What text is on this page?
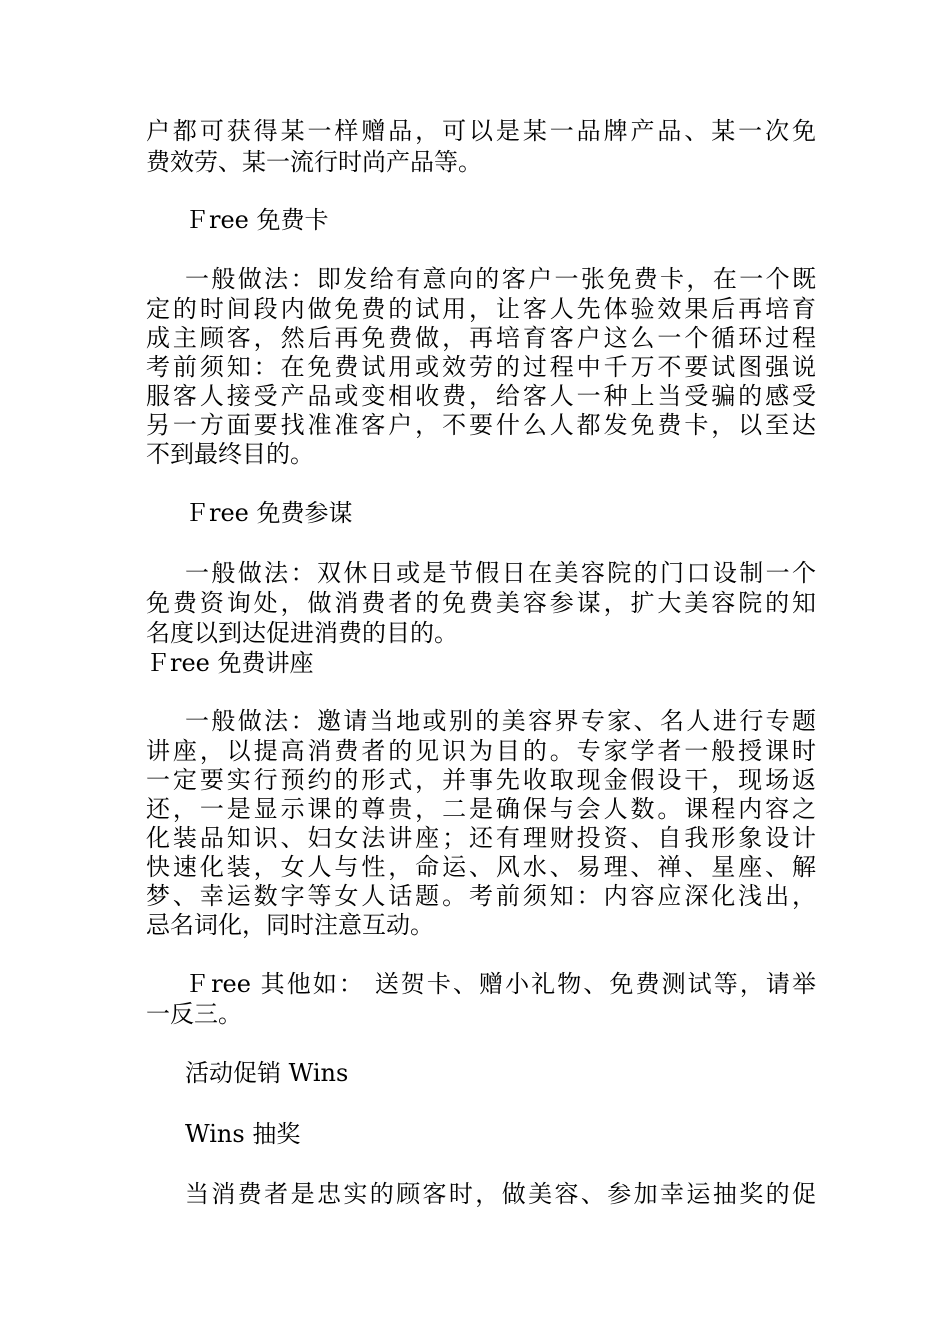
户都可获得某一样赠品，可以是某一品牌产品、某一次免

费效劳、某一流行时尚产品等。

Ｆree 免费卡

一般做法：即发给有意向的客户一张免费卡，在一个既

定的时间段内做免费的试用，让客人先体验效果后再培育

成主顾客，然后再免费做，再培育客户这么一个循环过程

考前须知：在免费试用或效劳的过程中千万不要试图强说

服客人接受产品或变相收费，给客人一种上当受骗的感受

另一方面要找准准客户，不要什么人都发免费卡，以至达

不到最终目的。

Ｆree 免费参谋

一般做法：双休日或是节假日在美容院的门口设制一个

免费资询处，做消费者的免费美容参谋，扩大美容院的知

名度以到达促进消费的目的。

Ｆree 免费讲座

一般做法：邀请当地或别的美容界专家、名人进行专题

讲座，以提高消费者的见识为目的。专家学者一般授课时

一定要实行预约的形式，并事先收取现金假设干，现场返

还，一是显示课的尊贵，二是确保与会人数。课程内容之

化装品知识、妇女法讲座；还有理财投资、自我形象设计

快速化装，女人与性，命运、风水、易理、禅、星座、解

梦、幸运数字等女人话题。考前须知：内容应深化浅出，

忌名词化，同时注意互动。

Ｆree 其他如： 送贺卡、赠小礼物、免费测试等，请举

一反三。

活动促销 Wins

Wins 抽奖

当消费者是忠实的顾客时，做美容、参加幸运抽奖的促
